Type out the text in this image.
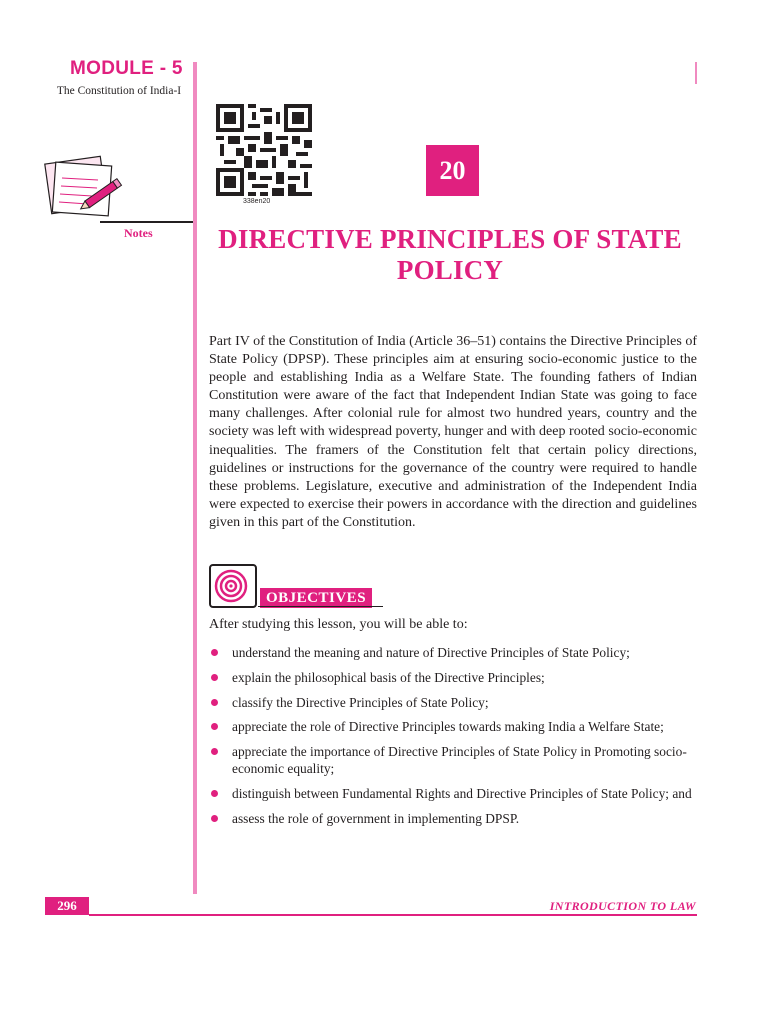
MODULE - 5
The Constitution of India-I
Notes
338en20
20
DIRECTIVE PRINCIPLES OF STATE POLICY
Part IV of the Constitution of India (Article 36–51) contains the Directive Principles of State Policy (DPSP). These principles aim at ensuring socio-economic justice to the people and establishing India as a Welfare State. The founding fathers of Indian Constitution were aware of the fact that Independent Indian State was going to face many challenges. After colonial rule for almost two hundred years, country and the society was left with widespread poverty, hunger and with deep rooted socio-economic inequalities. The framers of the Constitution felt that certain policy directions, guidelines or instructions for the governance of the country were required to handle these problems. Legislature, executive and administration of the Independent India were expected to exercise their powers in accordance with the direction and guidelines given in this part of the Constitution.
OBJECTIVES
After studying this lesson, you will be able to:
understand the meaning and nature of Directive Principles of State Policy;
explain the philosophical basis of the Directive Principles;
classify the Directive Principles of State Policy;
appreciate the role of Directive Principles towards making India a Welfare State;
appreciate the importance of Directive Principles of State Policy in Promoting socio-economic equality;
distinguish between Fundamental Rights and Directive Principles of State Policy; and
assess the role of government in implementing DPSP.
296	INTRODUCTION TO LAW
